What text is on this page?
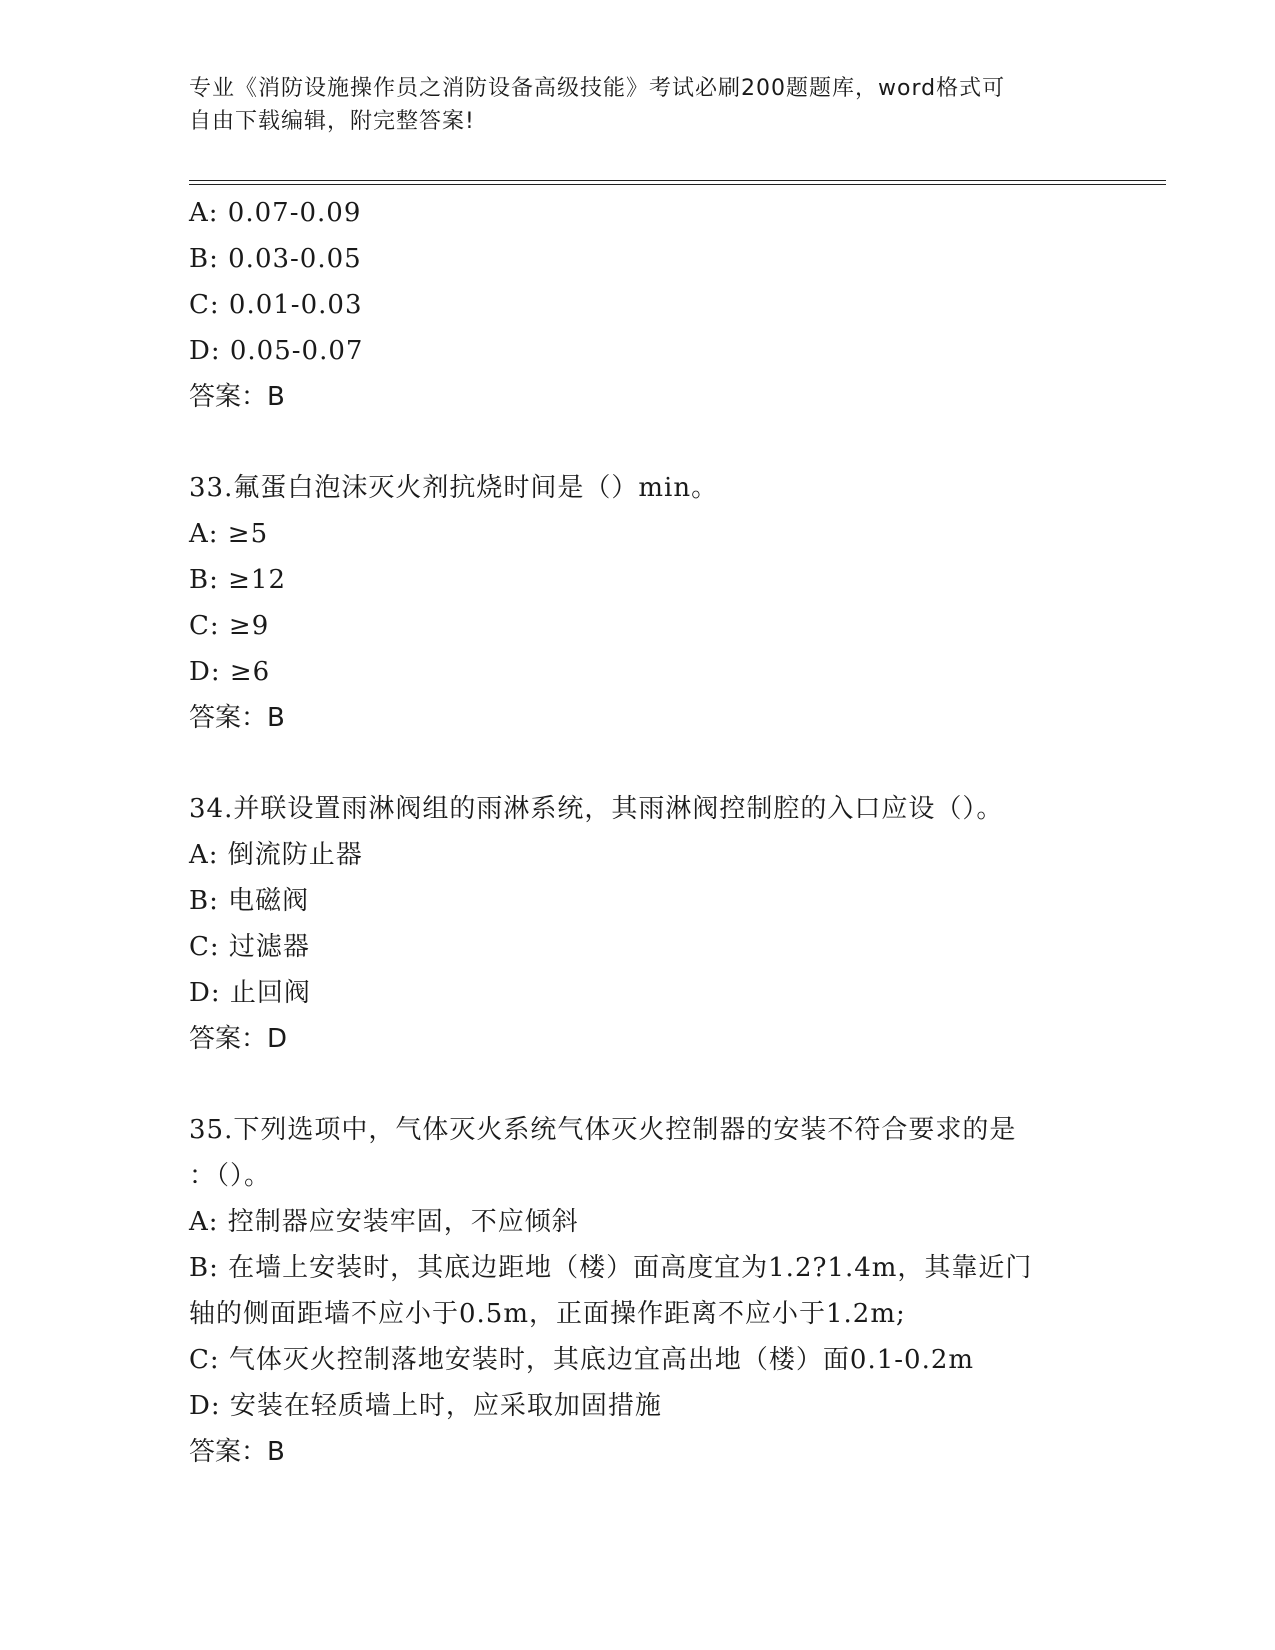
专业《消防设施操作员之消防设备高级技能》考试必刷200题题库，word格式可
自由下载编辑，附完整答案!
A: 0.07-0.09
B: 0.03-0.05
C: 0.01-0.03
D: 0.05-0.07
答案：B
33.氟蛋白泡沫灭火剂抗烧时间是（）min。
A: ≥5
B: ≥12
C: ≥9
D: ≥6
答案：B
34.并联设置雨淋阀组的雨淋系统，其雨淋阀控制腔的入口应设（）。
A: 倒流防止器
B: 电磁阀
C: 过滤器
D: 止回阀
答案：D
35.下列选项中，气体灭火系统气体灭火控制器的安装不符合要求的是
：（）。
A: 控制器应安装牢固，不应倾斜
B: 在墙上安装时，其底边距地（楼）面高度宜为1.2?1.4m，其靠近门
轴的侧面距墙不应小于0.5m，正面操作距离不应小于1.2m;
C: 气体灭火控制落地安装时，其底边宜高出地（楼）面0.1-0.2m
D: 安装在轻质墙上时，应采取加固措施
答案：B
